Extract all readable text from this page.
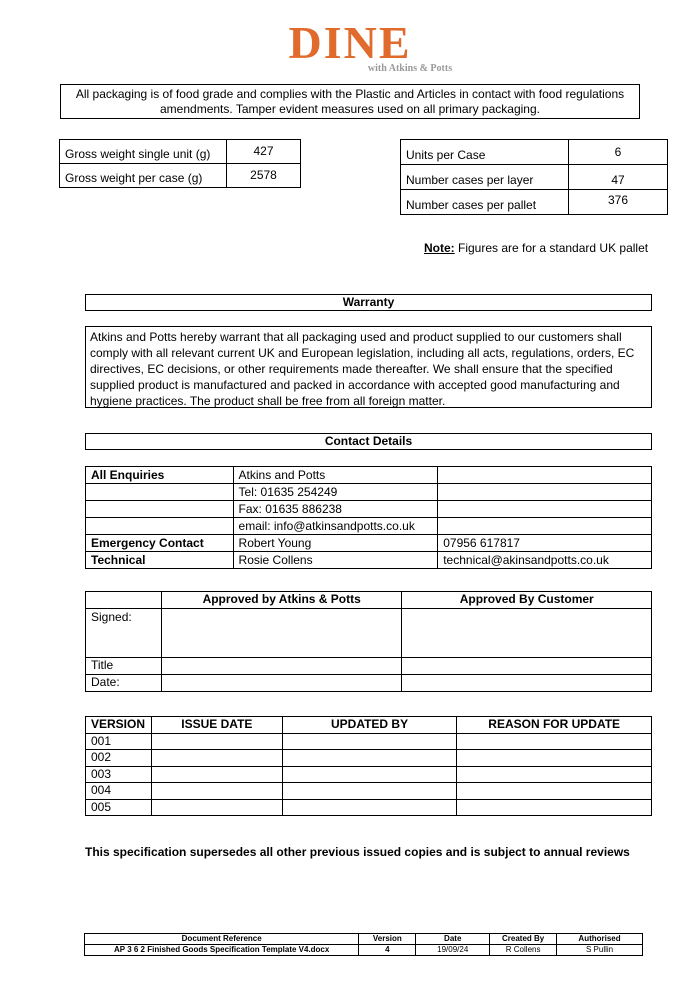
DINE
with Atkins & Potts
All packaging is of food grade and complies with the Plastic and Articles in contact with food regulations amendments. Tamper evident measures used on all primary packaging.
Gross weight single unit (g)	427
Gross weight per case (g)	2578
Units per Case	6
Number cases per layer	47
Number cases per pallet	376
Note: Figures are for a standard UK pallet
Warranty
Atkins and Potts hereby warrant that all packaging used and product supplied to our customers shall comply with all relevant current UK and European legislation, including all acts, regulations, orders, EC directives, EC decisions, or other requirements made thereafter. We shall ensure that the specified supplied product is manufactured and packed in accordance with accepted good manufacturing and hygiene practices. The product shall be free from all foreign matter.
Contact Details
All Enquiries	Atkins and Potts	
	Tel: 01635 254249	
	Fax: 01635 886238	
	email: info@atkinsandpotts.co.uk	
Emergency Contact	Robert Young	07956 617817
Technical	Rosie Collens	technical@akinsandpotts.co.uk
	Approved by Atkins & Potts	Approved By Customer
Signed:		
Title		
Date:		
VERSION	ISSUE DATE	UPDATED BY	REASON FOR UPDATE
001			
002			
003			
004			
005			
This specification supersedes all other previous issued copies and is subject to annual reviews
Document Reference	Version	Date	Created By	Authorised
AP 3 6 2 Finished Goods Specification Template V4.docx	4	19/09/24	R Collens	S Pullin
